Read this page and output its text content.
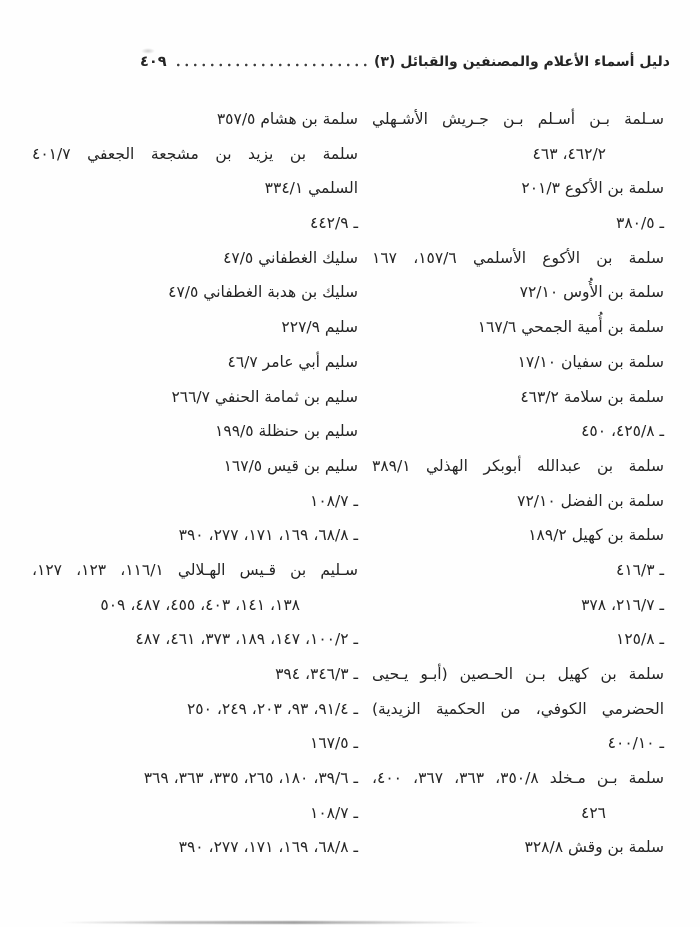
دليل أسماء الأعلام والمصنفين والقبائل (٣)
٤٠٩
سـلمة بـن أسـلم بـن جـريش الأشـهلي
٤٦٢/٢، ٤٦٣
سلمة بن الأكوع ٢٠١/٣
ـ ٣٨٠/٥
سلمة بن الأكوع الأسلمي ١٥٧/٦، ١٦٧
سلمة بن الأُوس ٧٢/١٠
سلمة بن أُمية الجمحي ١٦٧/٦
سلمة بن سفيان ١٧/١٠
سلمة بن سلامة ٤٦٣/٢
ـ ٤٢٥/٨، ٤٥٠
سلمة بن عبدالله أبوبكر الهذلي ٣٨٩/١
سلمة بن الفضل ٧٢/١٠
سلمة بن كهيل ١٨٩/٢
ـ ٤١٦/٣
ـ ٢١٦/٧، ٣٧٨
ـ ١٢٥/٨
سلمة بن كهيل بـن الحـصين (أبـو يـحيى
الحضرمي الكوفي، من الحكمية الزيدية)
ـ ٤٠٠/١٠
سلمة بـن مـخلد ٣٥٠/٨، ٣٦٣، ٣٦٧، ٤٠٠،
٤٢٦
سلمة بن وقش ٣٢٨/٨
سلمة بن هشام ٣٥٧/٥
سلمة بن يزيد بن مشجعة الجعفي ٤٠١/٧
السلمي ٣٣٤/١
ـ ٤٤٢/٩
سليك الغطفاني ٤٧/٥
سليك بن هدبة الغطفاني ٤٧/٥
سليم ٢٢٧/٩
سليم أبي عامر ٤٦/٧
سليم بن ثمامة الحنفي ٢٦٦/٧
سليم بن حنظلة ١٩٩/٥
سليم بن قيس ١٦٧/٥
ـ ١٠٨/٧
ـ ٦٨/٨، ١٦٩، ١٧١، ٢٧٧، ٣٩٠
سـليم بن قـيس الهـلالي ١١٦/١، ١٢٣، ١٢٧،
١٣٨، ١٤١، ٤٠٣، ٤٥٥، ٤٨٧، ٥٠٩
ـ ١٠٠/٢، ١٤٧، ١٨٩، ٣٧٣، ٤٦١، ٤٨٧
ـ ٣٤٦/٣، ٣٩٤
ـ ٩١/٤، ٩٣، ٢٠٣، ٢٤٩، ٢٥٠
ـ ١٦٧/٥
ـ ٣٩/٦، ١٨٠، ٢٦٥، ٣٣٥، ٣٦٣، ٣٦٩
ـ ١٠٨/٧
ـ ٦٨/٨، ١٦٩، ١٧١، ٢٧٧، ٣٩٠
